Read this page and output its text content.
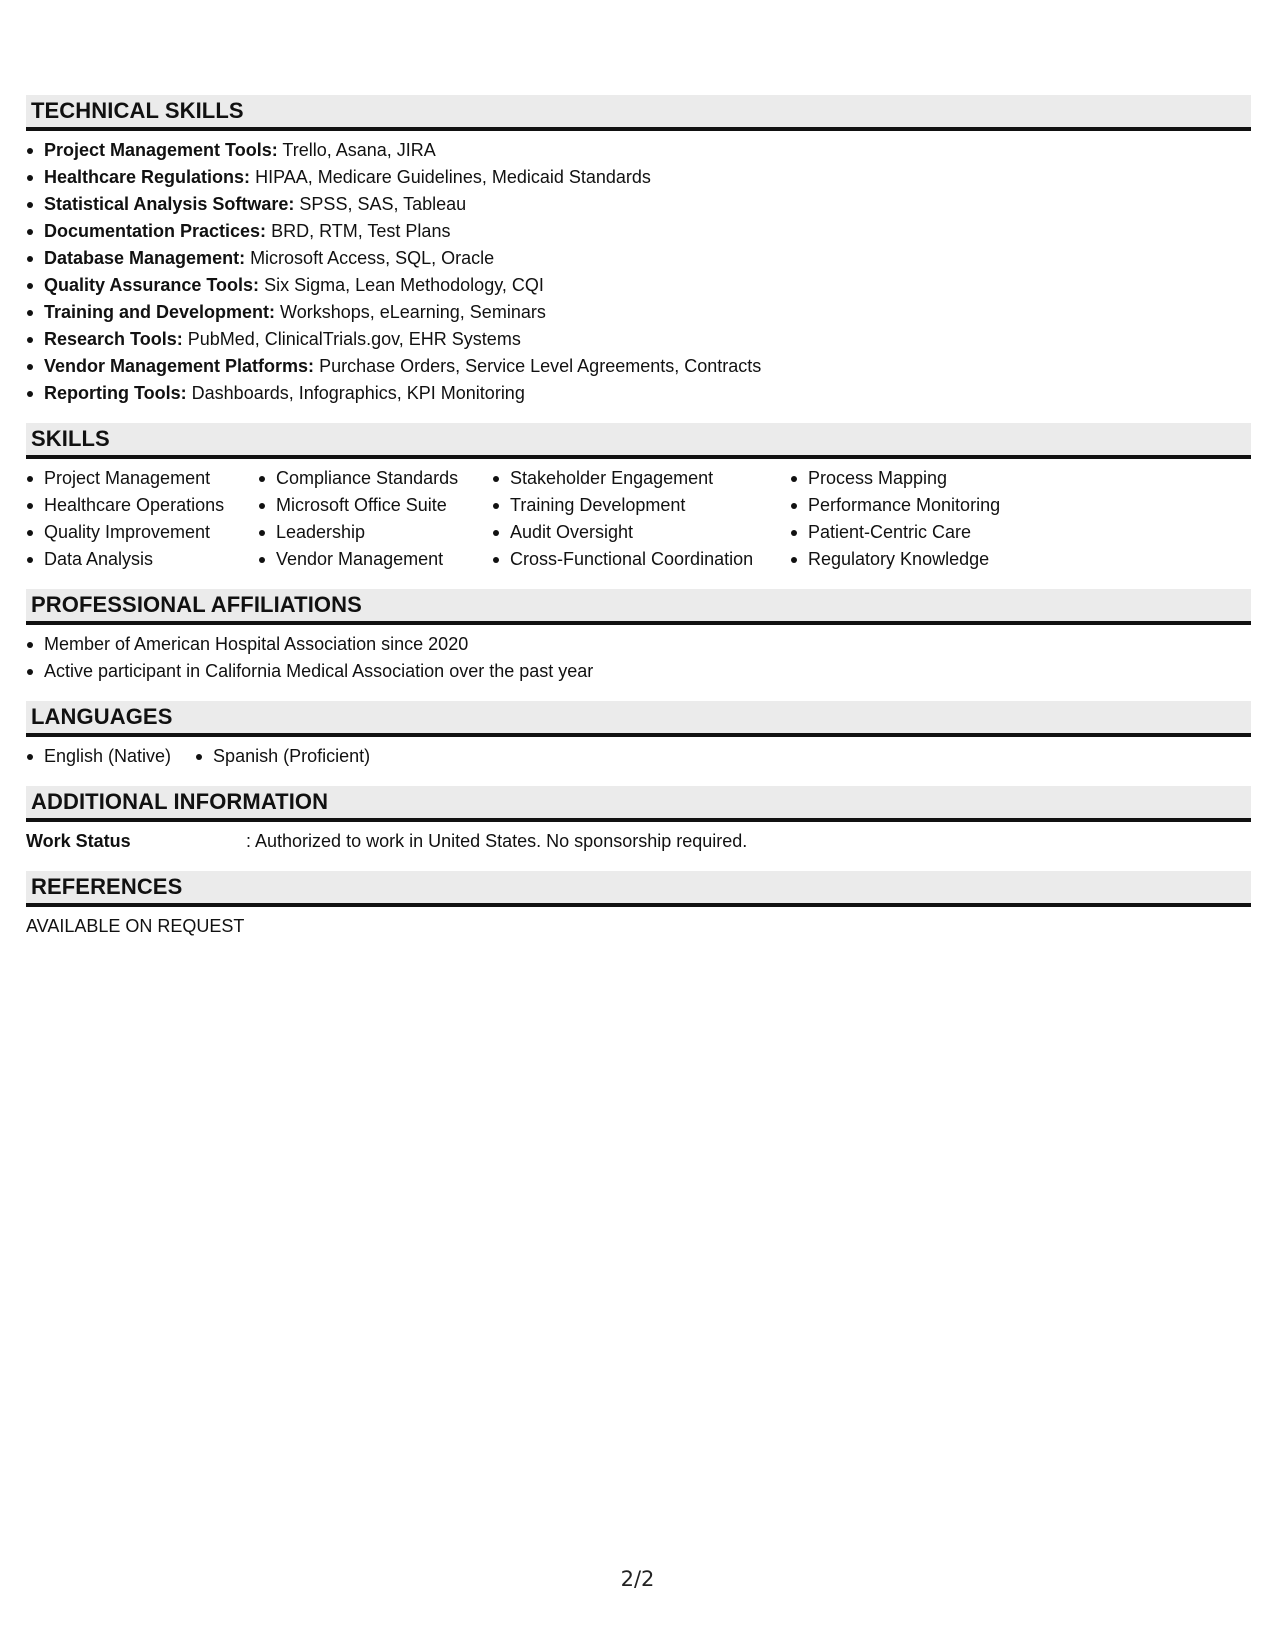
TECHNICAL SKILLS
Project Management Tools: Trello, Asana, JIRA
Healthcare Regulations: HIPAA, Medicare Guidelines, Medicaid Standards
Statistical Analysis Software: SPSS, SAS, Tableau
Documentation Practices: BRD, RTM, Test Plans
Database Management: Microsoft Access, SQL, Oracle
Quality Assurance Tools: Six Sigma, Lean Methodology, CQI
Training and Development: Workshops, eLearning, Seminars
Research Tools: PubMed, ClinicalTrials.gov, EHR Systems
Vendor Management Platforms: Purchase Orders, Service Level Agreements, Contracts
Reporting Tools: Dashboards, Infographics, KPI Monitoring
SKILLS
Project Management
Healthcare Operations
Quality Improvement
Data Analysis
Compliance Standards
Microsoft Office Suite
Leadership
Vendor Management
Stakeholder Engagement
Training Development
Audit Oversight
Cross-Functional Coordination
Process Mapping
Performance Monitoring
Patient-Centric Care
Regulatory Knowledge
PROFESSIONAL AFFILIATIONS
Member of American Hospital Association since 2020
Active participant in California Medical Association over the past year
LANGUAGES
English (Native)	Spanish (Proficient)
ADDITIONAL INFORMATION
Work Status	: Authorized to work in United States. No sponsorship required.
REFERENCES
AVAILABLE ON REQUEST
2/2
